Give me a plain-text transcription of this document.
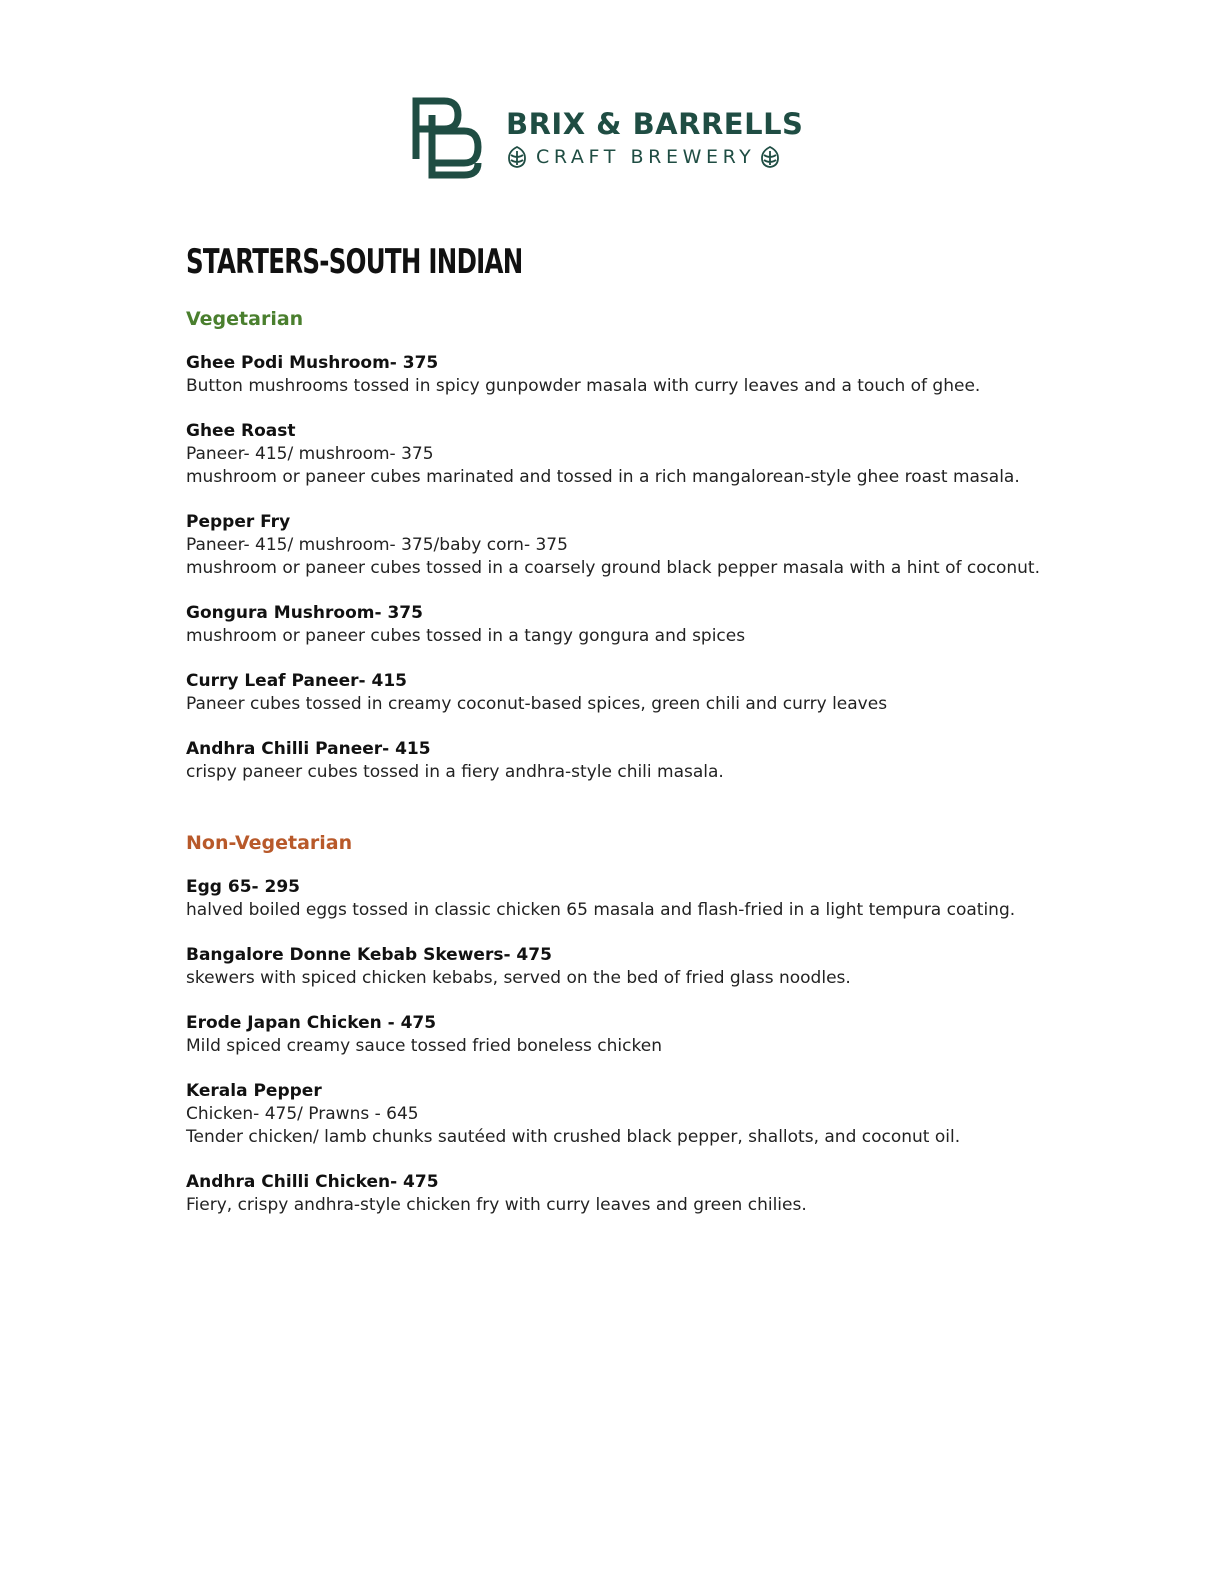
BRIX & BARRELLS
CRAFT BREWERY
STARTERS-SOUTH INDIAN
Vegetarian
Ghee Podi Mushroom- 375
Button mushrooms tossed in spicy gunpowder masala with curry leaves and a touch of ghee.
Ghee Roast
Paneer- 415/ mushroom- 375
mushroom or paneer cubes marinated and tossed in a rich mangalorean-style ghee roast masala.
Pepper Fry
Paneer- 415/ mushroom- 375/baby corn- 375
mushroom or paneer cubes tossed in a coarsely ground black pepper masala with a hint of coconut.
Gongura Mushroom- 375
mushroom or paneer cubes tossed in a tangy gongura and spices
Curry Leaf Paneer- 415
Paneer cubes tossed in creamy coconut-based spices, green chili and curry leaves
Andhra Chilli Paneer- 415
crispy paneer cubes tossed in a fiery andhra-style chili masala.
Non-Vegetarian
Egg 65- 295
halved boiled eggs tossed in classic chicken 65 masala and flash-fried in a light tempura coating.
Bangalore Donne Kebab Skewers- 475
skewers with spiced chicken kebabs, served on the bed of fried glass noodles.
Erode Japan Chicken - 475
Mild spiced creamy sauce tossed fried boneless chicken
Kerala Pepper
Chicken- 475/ Prawns - 645
Tender chicken/ lamb chunks sautéed with crushed black pepper, shallots, and coconut oil.
Andhra Chilli Chicken- 475
Fiery, crispy andhra-style chicken fry with curry leaves and green chilies.
